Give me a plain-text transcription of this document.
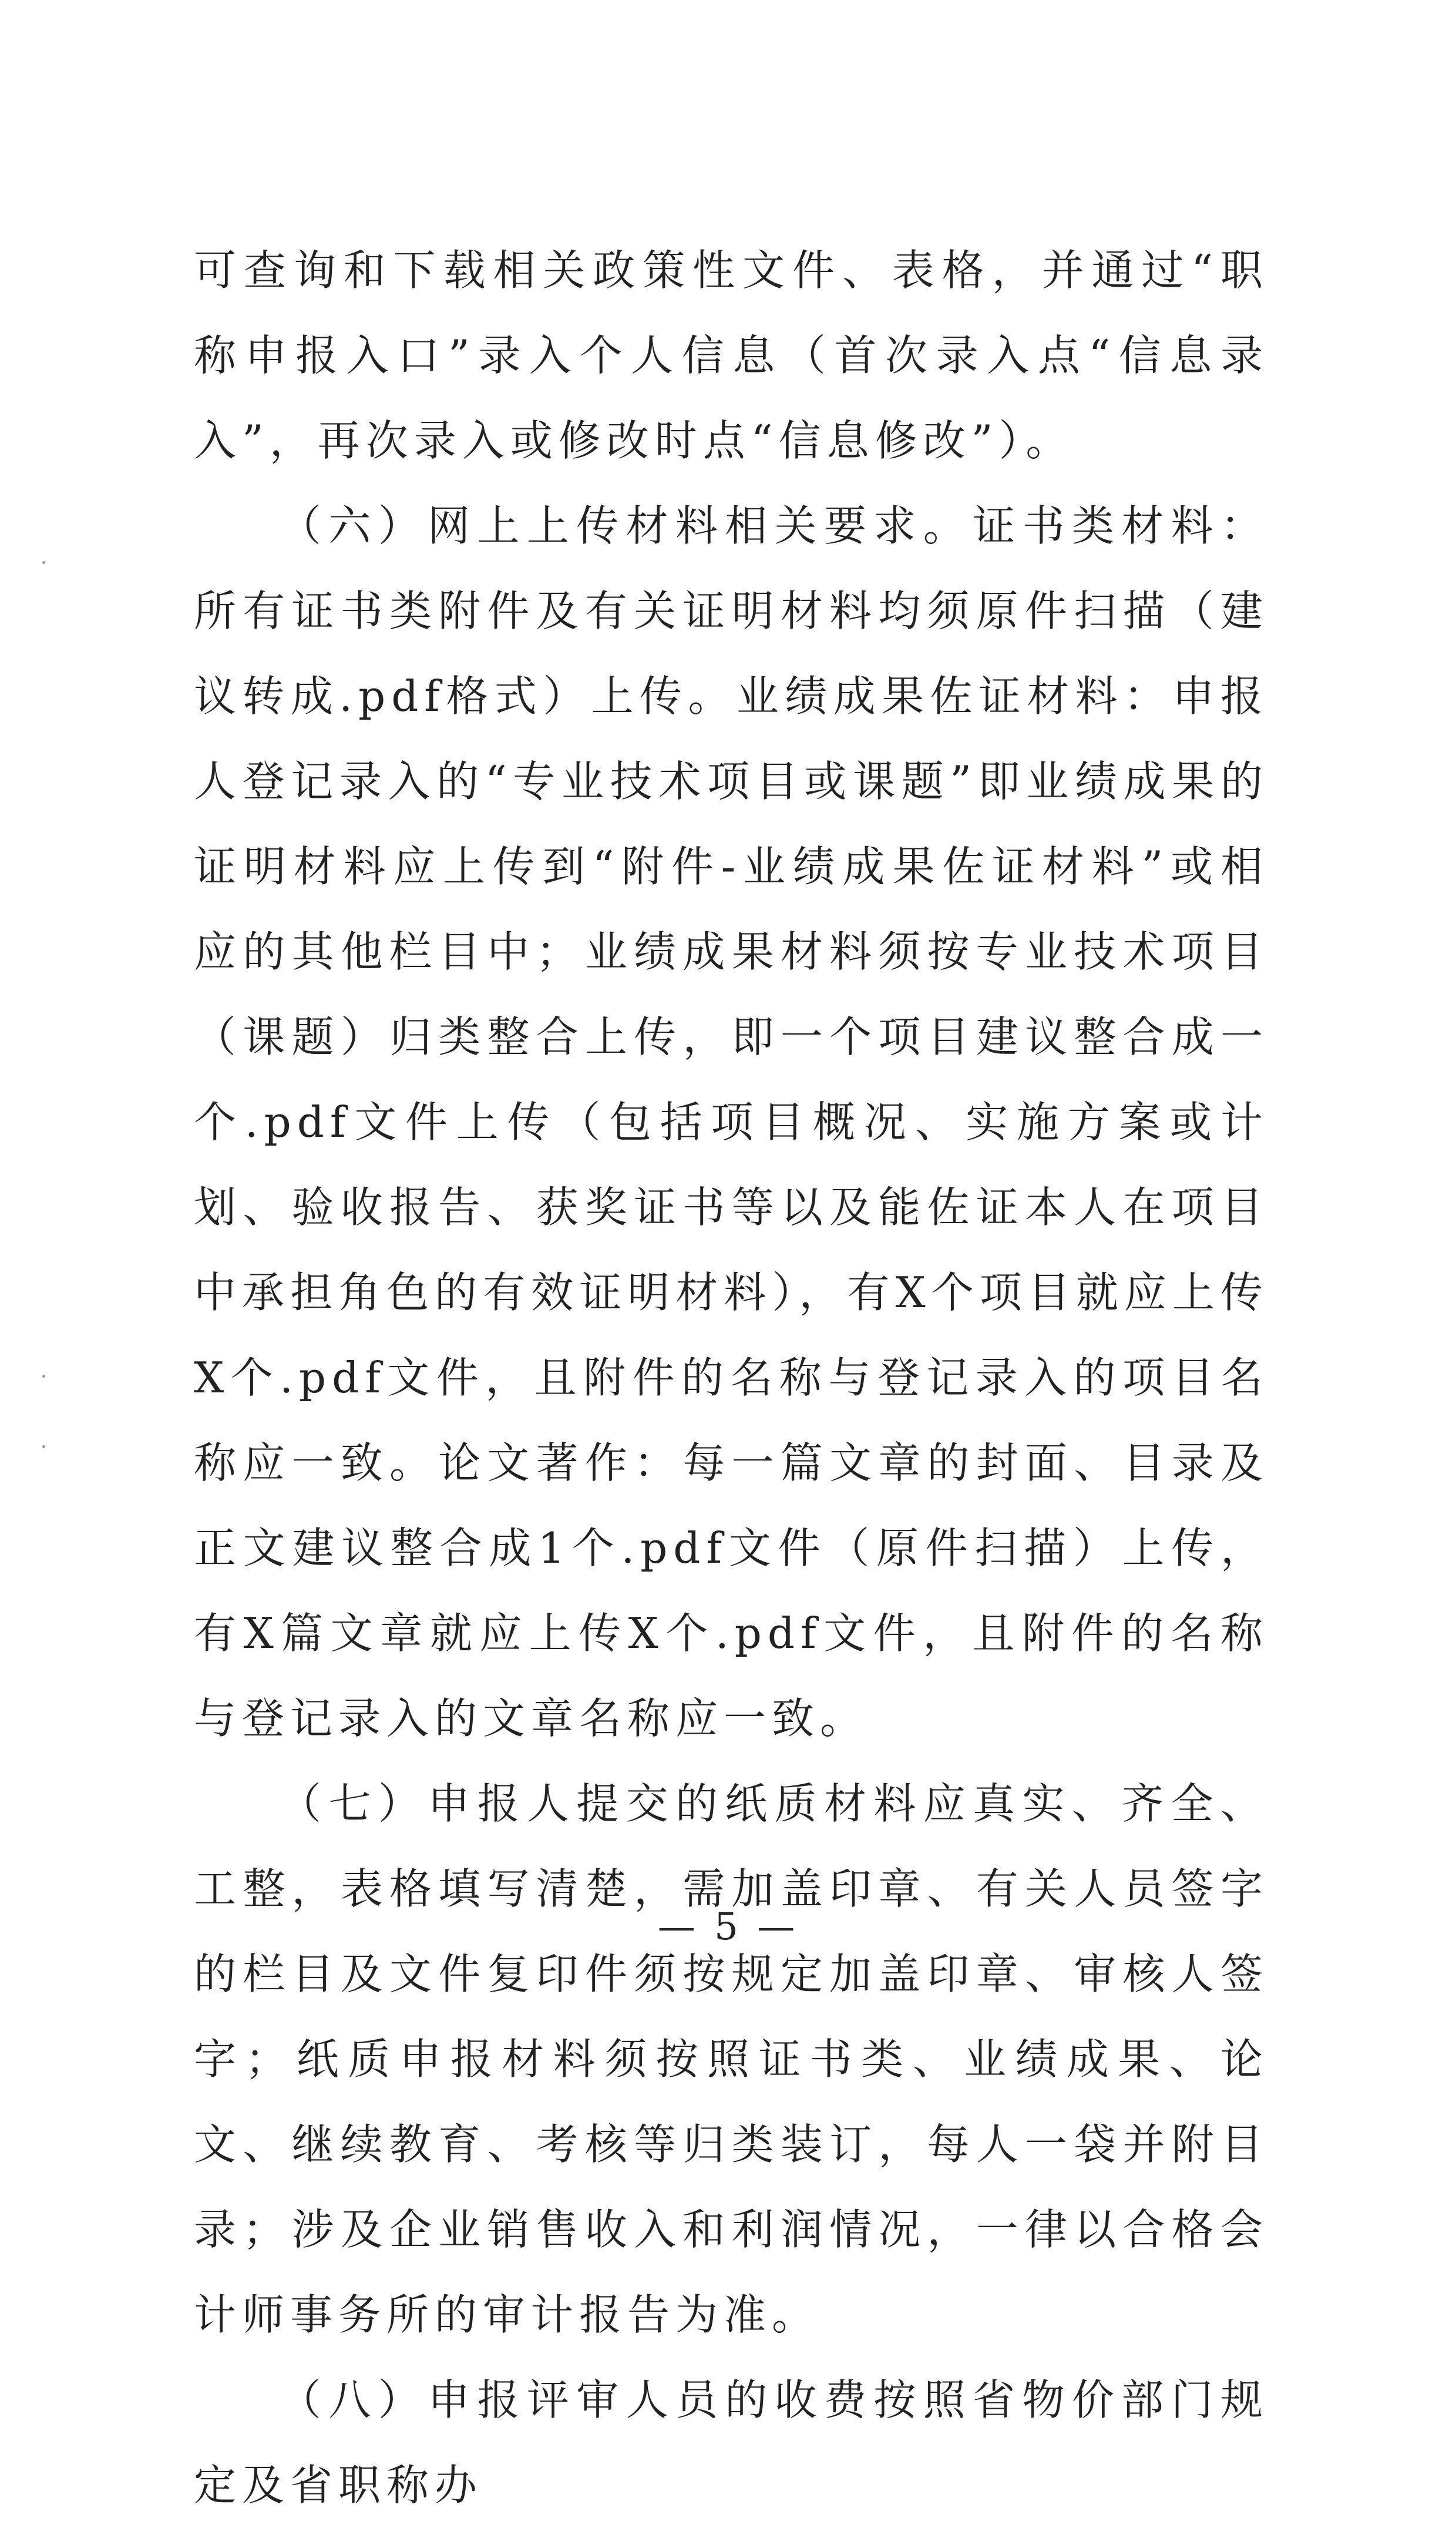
可查询和下载相关政策性文件、表格，并通过“职称申报入口”录入个人信息（首次录入点“信息录入”，再次录入或修改时点“信息修改”）。

（六）网上上传材料相关要求。证书类材料：所有证书类附件及有关证明材料均须原件扫描（建议转成.pdf格式）上传。业绩成果佐证材料：申报人登记录入的“专业技术项目或课题”即业绩成果的证明材料应上传到“附件-业绩成果佐证材料”或相应的其他栏目中；业绩成果材料须按专业技术项目（课题）归类整合上传，即一个项目建议整合成一个.pdf文件上传（包括项目概况、实施方案或计划、验收报告、获奖证书等以及能佐证本人在项目中承担角色的有效证明材料），有X个项目就应上传X个.pdf文件，且附件的名称与登记录入的项目名称应一致。论文著作：每一篇文章的封面、目录及正文建议整合成1个.pdf文件（原件扫描）上传，有X篇文章就应上传X个.pdf文件，且附件的名称与登记录入的文章名称应一致。

（七）申报人提交的纸质材料应真实、齐全、工整，表格填写清楚，需加盖印章、有关人员签字的栏目及文件复印件须按规定加盖印章、审核人签字；纸质申报材料须按照证书类、业绩成果、论文、继续教育、考核等归类装订，每人一袋并附目录；涉及企业销售收入和利润情况，一律以合格会计师事务所的审计报告为准。

（八）申报评审人员的收费按照省物价部门规定及省职称办

— 5 —
